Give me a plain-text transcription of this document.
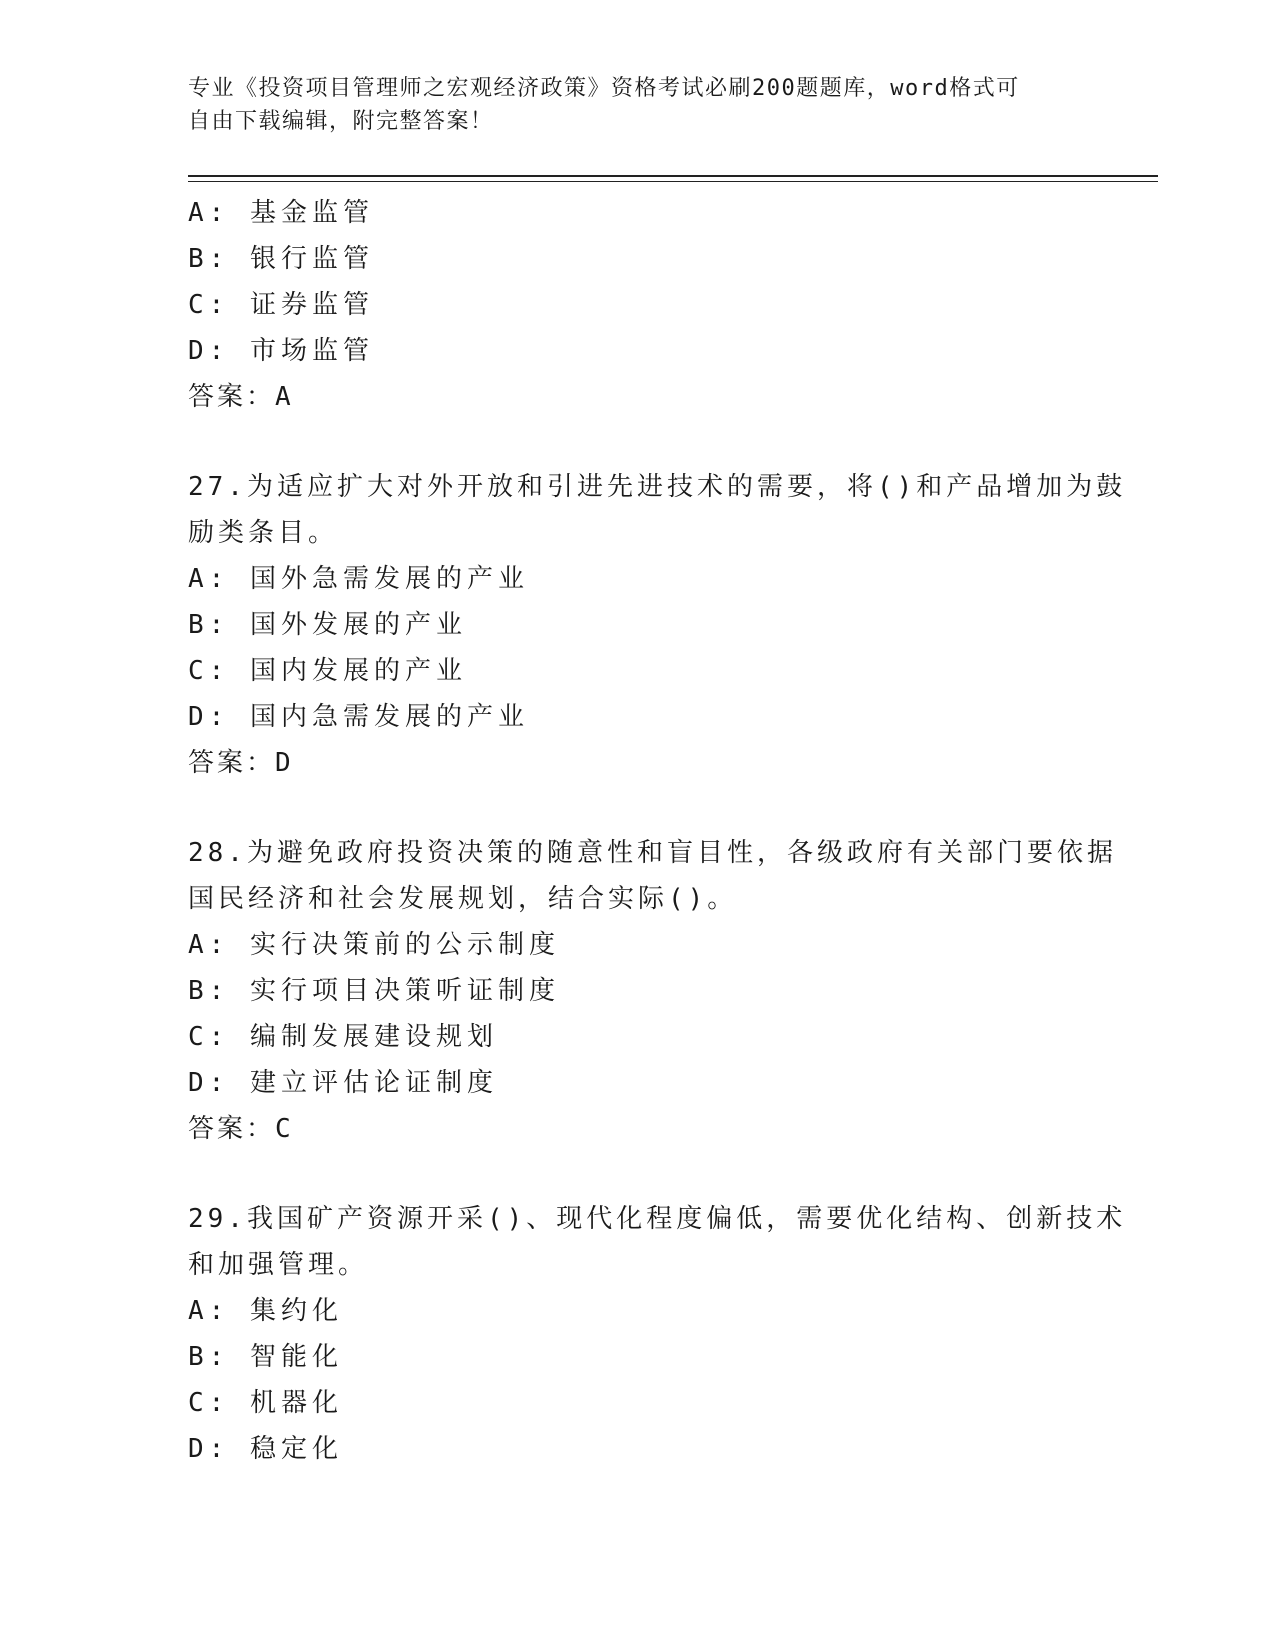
专业《投资项目管理师之宏观经济政策》资格考试必刷200题题库，word格式可
自由下载编辑，附完整答案！
A: 基金监管
B: 银行监管
C: 证券监管
D: 市场监管
答案：A
27.为适应扩大对外开放和引进先进技术的需要，将()和产品增加为鼓
励类条目。
A: 国外急需发展的产业
B: 国外发展的产业
C: 国内发展的产业
D: 国内急需发展的产业
答案：D
28.为避免政府投资决策的随意性和盲目性，各级政府有关部门要依据
国民经济和社会发展规划，结合实际()。
A: 实行决策前的公示制度
B: 实行项目决策听证制度
C: 编制发展建设规划
D: 建立评估论证制度
答案：C
29.我国矿产资源开采()、现代化程度偏低，需要优化结构、创新技术
和加强管理。
A: 集约化
B: 智能化
C: 机器化
D: 稳定化
